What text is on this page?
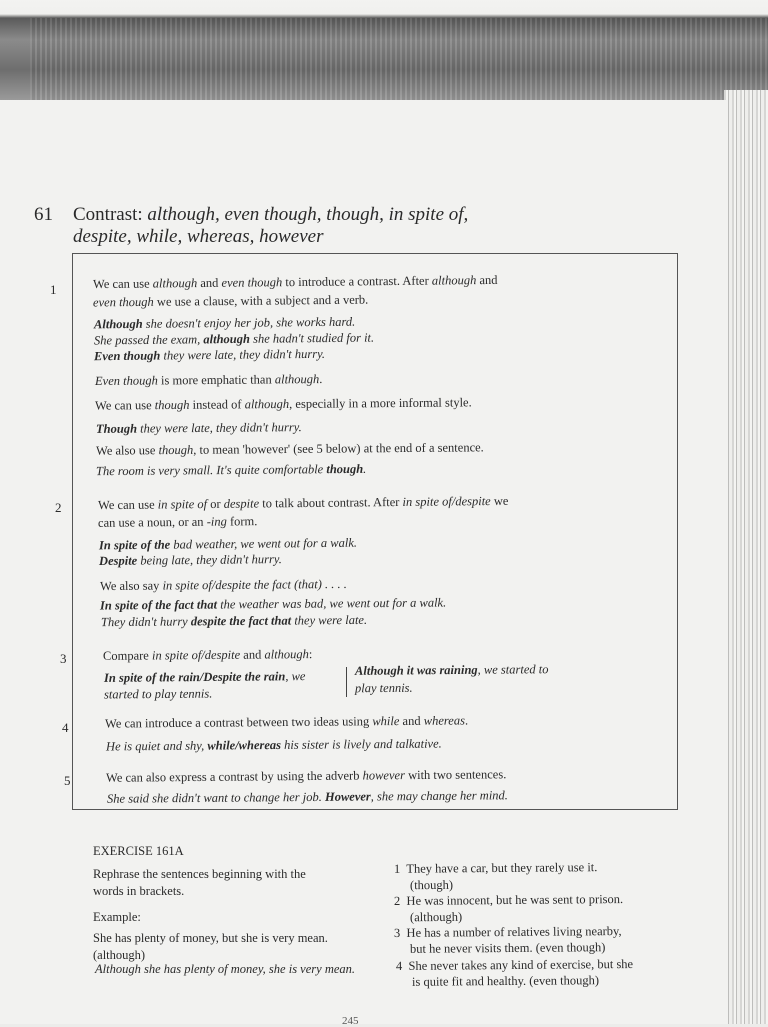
61 Contrast: although, even though, though, in spite of,
despite, while, whereas, however
1	We can use although and even though to introduce a contrast. After although and
even though we use a clause, with a subject and a verb.
Although she doesn't enjoy her job, she works hard.
She passed the exam, although she hadn't studied for it.
Even though they were late, they didn't hurry.
Even though is more emphatic than although.
We can use though instead of although, especially in a more informal style.
Though they were late, they didn't hurry.
We also use though, to mean 'however' (see 5 below) at the end of a sentence.
The room is very small. It's quite comfortable though.
2	We can use in spite of or despite to talk about contrast. After in spite of/despite we
can use a noun, or an -ing form.
In spite of the bad weather, we went out for a walk.
Despite being late, they didn't hurry.
We also say in spite of/despite the fact (that) . . . .
In spite of the fact that the weather was bad, we went out for a walk.
They didn't hurry despite the fact that they were late.
3	Compare in spite of/despite and although:
In spite of the rain/Despite the rain, we
started to play tennis.
Although it was raining, we started to
play tennis.
4	We can introduce a contrast between two ideas using while and whereas.
He is quiet and shy, while/whereas his sister is lively and talkative.
5	We can also express a contrast by using the adverb however with two sentences.
She said she didn't want to change her job. However, she may change her mind.
EXERCISE 161A
Rephrase the sentences beginning with the
words in brackets.
Example:
She has plenty of money, but she is very mean.
(although)
Although she has plenty of money, she is very mean.
1 They have a car, but they rarely use it.
(though)
2 He was innocent, but he was sent to prison.
(although)
3 He has a number of relatives living nearby,
but he never visits them. (even though)
4 She never takes any kind of exercise, but she
is quite fit and healthy. (even though)
245
